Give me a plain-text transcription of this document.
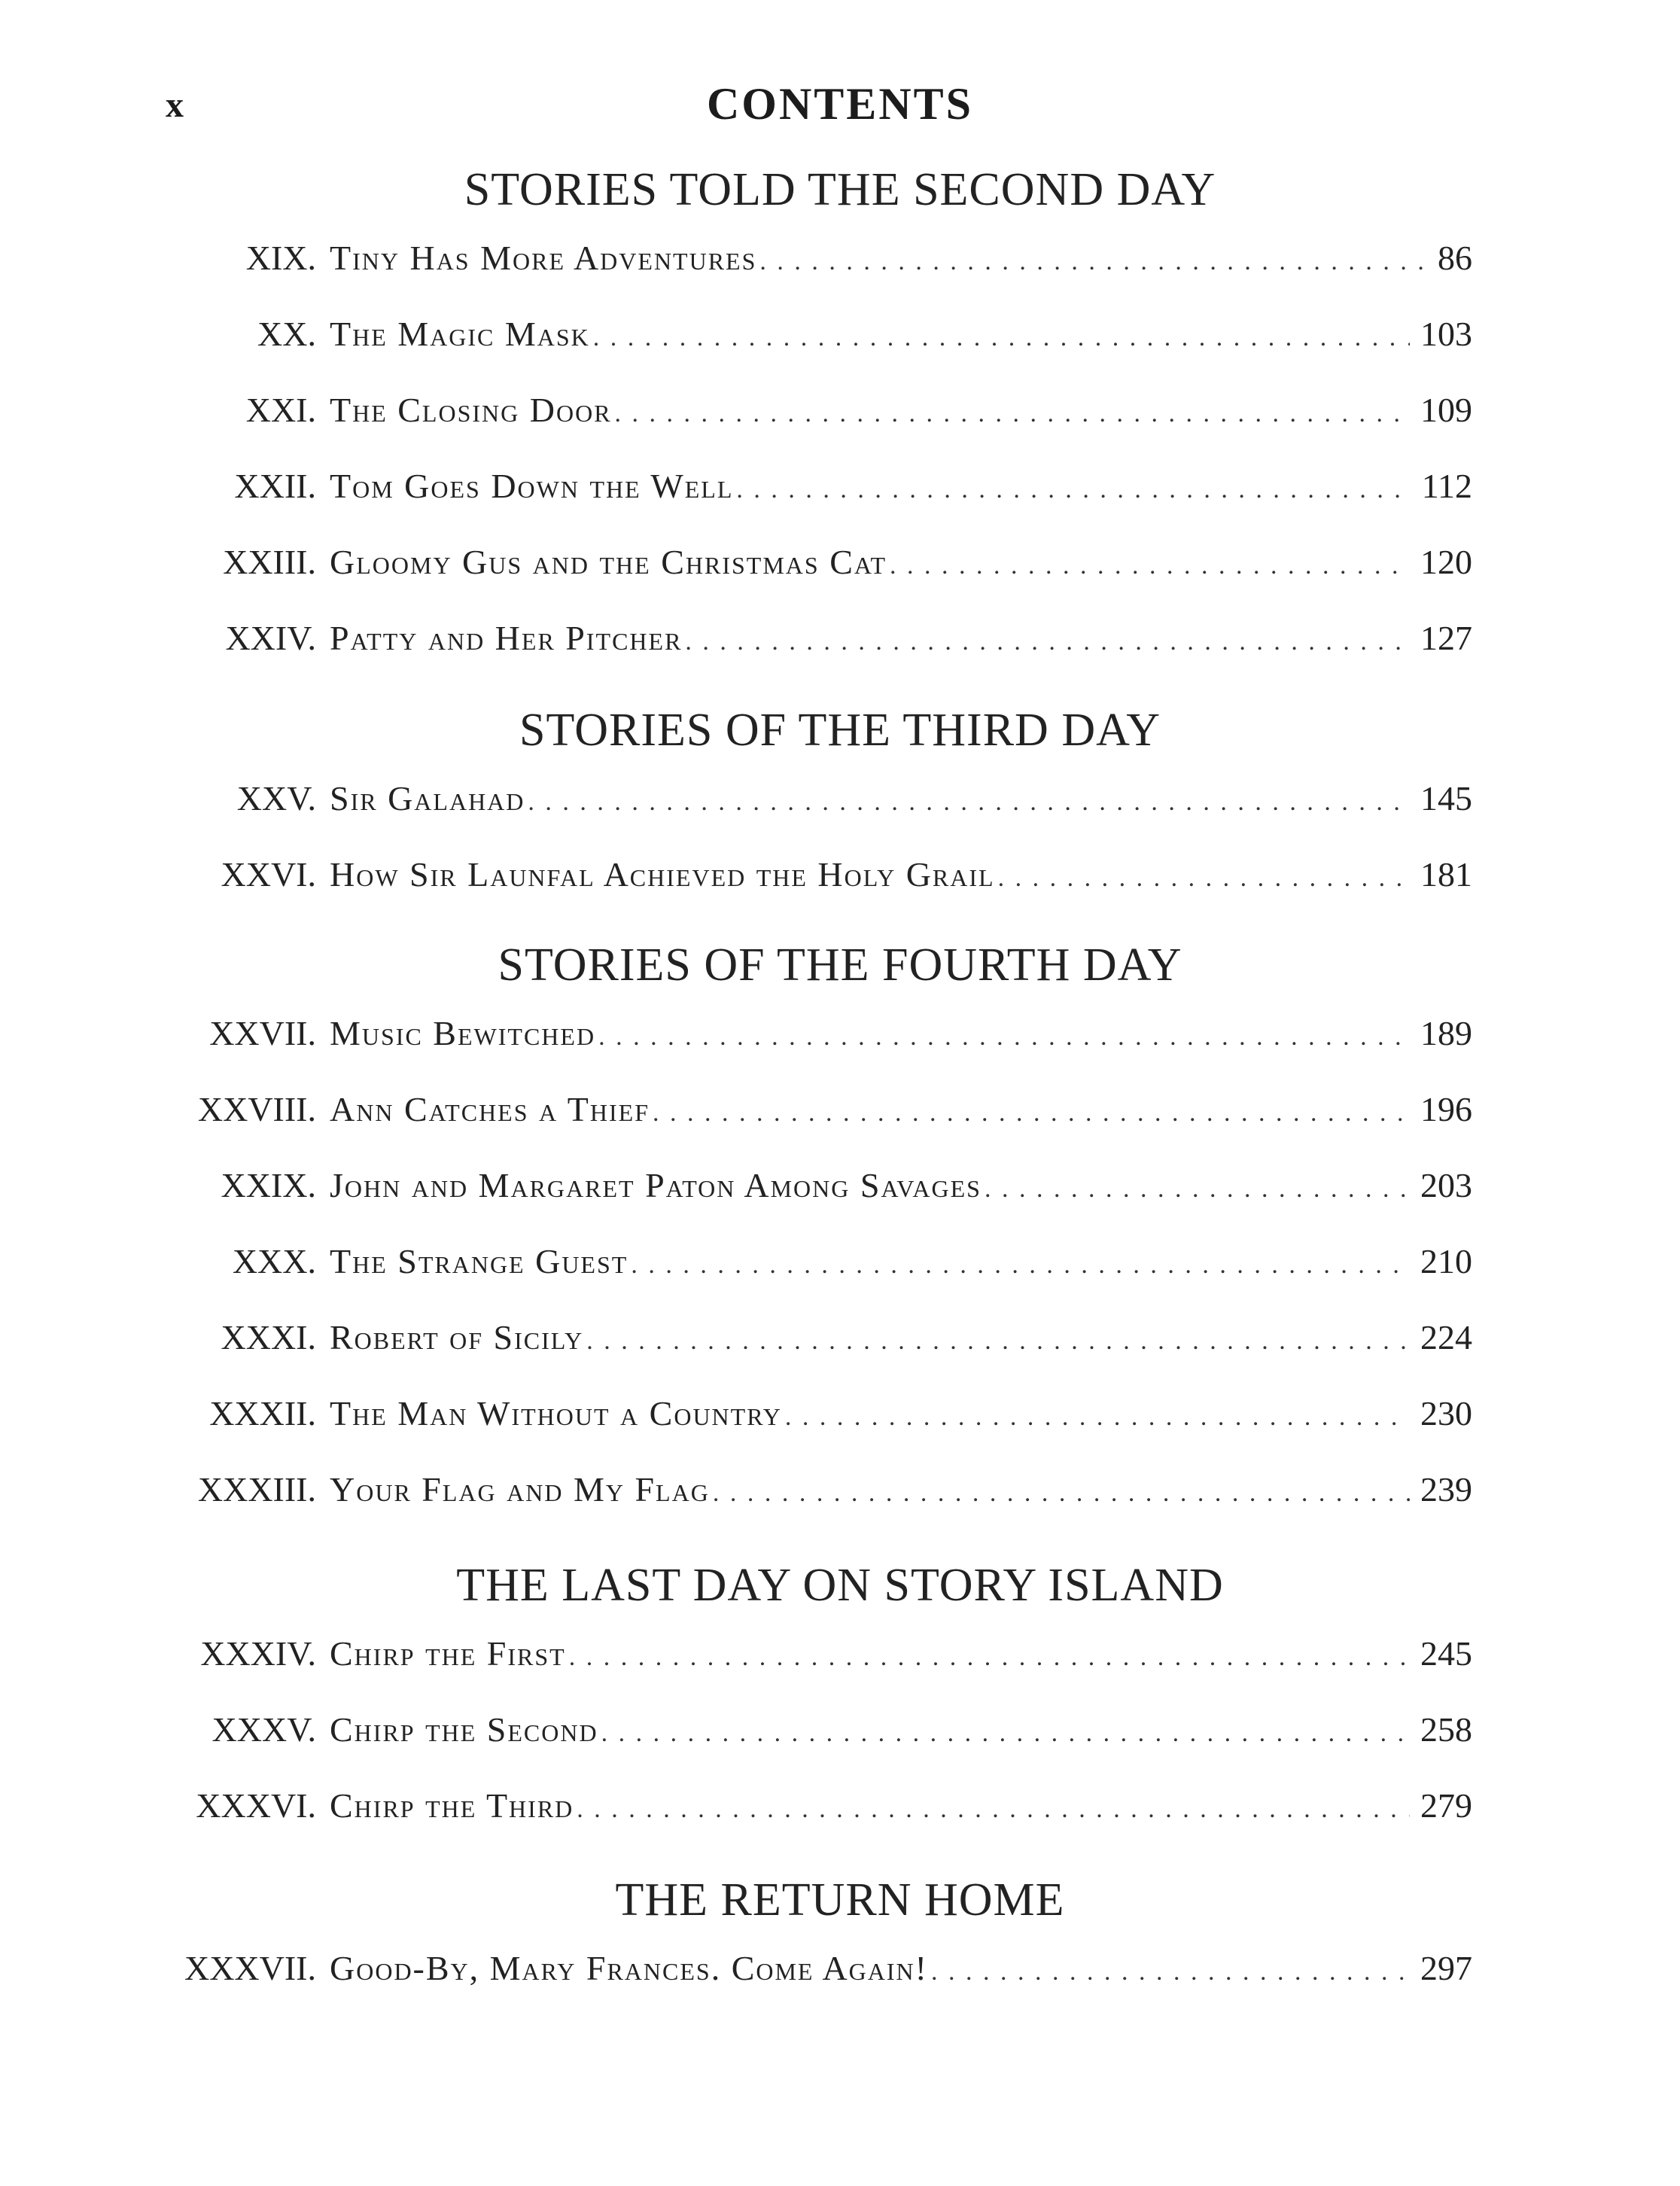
x	CONTENTS
STORIES TOLD THE SECOND DAY
XIX. Tiny Has More Adventures . . .	86
XX. The Magic Mask . . .	103
XXI. The Closing Door . . .	109
XXII. Tom Goes Down the Well . . .	112
XXIII. Gloomy Gus and the Christmas Cat . . .	120
XXIV. Patty and Her Pitcher . . .	127
STORIES OF THE THIRD DAY
XXV. Sir Galahad . . .	145
XXVI. How Sir Launfal Achieved the Holy Grail . . .	181
STORIES OF THE FOURTH DAY
XXVII. Music Bewitched . . .	189
XXVIII. Ann Catches a Thief . . .	196
XXIX. John and Margaret Paton Among Savages . . .	203
XXX. The Strange Guest . . .	210
XXXI. Robert of Sicily . . .	224
XXXII. The Man Without a Country . . .	230
XXXIII. Your Flag and My Flag . . .	239
THE LAST DAY ON STORY ISLAND
XXXIV. Chirp the First . . .	245
XXXV. Chirp the Second . . .	258
XXXVI. Chirp the Third . . .	279
THE RETURN HOME
XXXVII. Good-By, Mary Frances. Come Again! . . .	297
